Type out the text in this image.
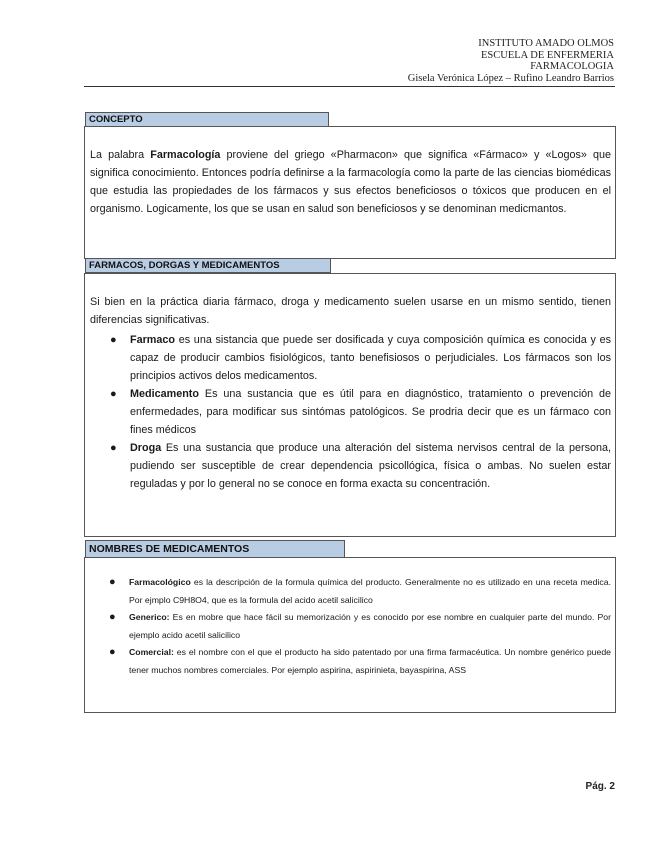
INSTITUTO AMADO OLMOS
ESCUELA DE ENFERMERIA
FARMACOLOGIA
Gisela Verónica López – Rufino Leandro Barrios
CONCEPTO

La palabra Farmacología proviene del griego «Pharmacon» que significa «Fármaco» y «Logos» que significa conocimiento. Entonces podría definirse a la farmacología como la parte de las ciencias biomédicas que estudia las propiedades de los fármacos y sus efectos beneficiosos o tóxicos que producen en el organismo. Logicamente, los que se usan en salud son beneficiosos y se denominan medicmantos.

FARMACOS, DORGAS Y MEDICAMENTOS

Si bien en la práctica diaria fármaco, droga y medicamento suelen usarse en un mismo sentido, tienen diferencias significativas.

● Farmaco es una sistancia que puede ser dosificada y cuya composición química es conocida y es capaz de producir cambios fisiológicos, tanto benefisiosos o perjudiciales. Los fármacos son los principios activos delos medicamentos.
● Medicamento Es una sustancia que es útil para en diagnóstico, tratamiento o prevención de enfermedades, para modificar sus sintómas patológicos. Se prodria decir que es un fármaco con fines médicos
● Droga Es una sustancia que produce una alteración del sistema nervisos central de la persona, pudiendo ser susceptible de crear dependencia psicollógica, física o ambas. No suelen estar reguladas y por lo general no se conoce en forma exacta su concentración.
NOMBRES DE MEDICAMENTOS
● Farmacológico es la descripción de la formula química del producto. Generalmente no es utilizado en una receta medica. Por ejmplo C9H8O4, que es la formula del acido acetil salicilico
● Generico: Es en mobre que hace fácil su memorización y es conocido por ese nombre en cualquier parte del mundo. Por ejemplo acido acetil salicilico
● Comercial: es el nombre con el que el producto ha sido patentado por una firma farmacéutica. Un nombre genérico puede tener muchos nombres comerciales. Por ejemplo aspirina, aspirinieta, bayaspirina, ASS
Pág. 2
